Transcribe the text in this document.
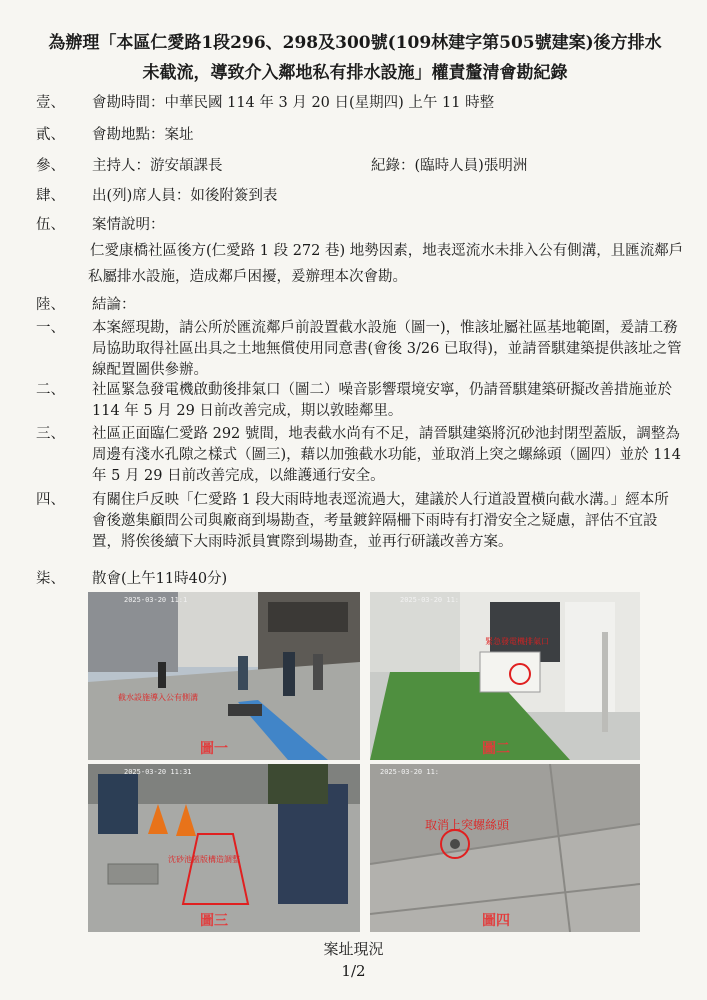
為辦理「本區仁愛路1段296、298及300號(109林建字第505號建案)後方排水
未截流，導致介入鄰地私有排水設施」權責釐清會勘紀錄
壹、	會勘時間：中華民國 114 年 3 月 20 日(星期四) 上午 11 時整
貳、	會勘地點：案址
參、	主持人：游安頡課長	紀錄：(臨時人員)張明洲
肆、	出(列)席人員：如後附簽到表
伍、	案情說明：
仁愛康橋社區後方(仁愛路 1 段 272 巷) 地勢因素，地表逕流水未排入公有側溝，且匯流鄰戶私屬排水設施，造成鄰戶困擾，爰辦理本次會勘。
陸、	結論：
一、	本案經現勘，請公所於匯流鄰戶前設置截水設施（圖一)，惟該址屬社區基地範圍，爰請工務局協助取得社區出具之土地無償使用同意書(會後 3/26 已取得)，並請晉騏建築提供該址之管線配置圖供參辦。
二、	社區緊急發電機啟動後排氣口（圖二）噪音影響環境安寧，仍請晉騏建築研擬改善措施並於 114 年 5 月 29 日前改善完成，期以敦睦鄰里。
三、	社區正面臨仁愛路 292 號間，地表截水尚有不足，請晉騏建築將沉砂池封閉型蓋版，調整為周邊有淺水孔隙之樣式（圖三)，藉以加強截水功能，並取消上突之螺絲頭（圖四）並於 114 年 5 月 29 日前改善完成，以維護通行安全。
四、	有關住戶反映「仁愛路 1 段大雨時地表逕流過大，建議於人行道設置橫向截水溝。」經本所會後邀集顧問公司與廠商到場勘查，考量鍍鋅隔柵下雨時有打滑安全之疑慮，評估不宜設置，將俟後續下大雨時派員實際到場勘查，並再行研議改善方案。
柒、	散會(上午11時40分)
2025-03-20 11:1
截水設施導入公有側溝
圖一
2025-03-20 11:
緊急發電機排氣口
圖二
2025-03-20 11:31
沈砂池蓋版構造調整
圖三
2025-03-20 11:
取消上突螺絲頭
圖四
案址現況
1/2
